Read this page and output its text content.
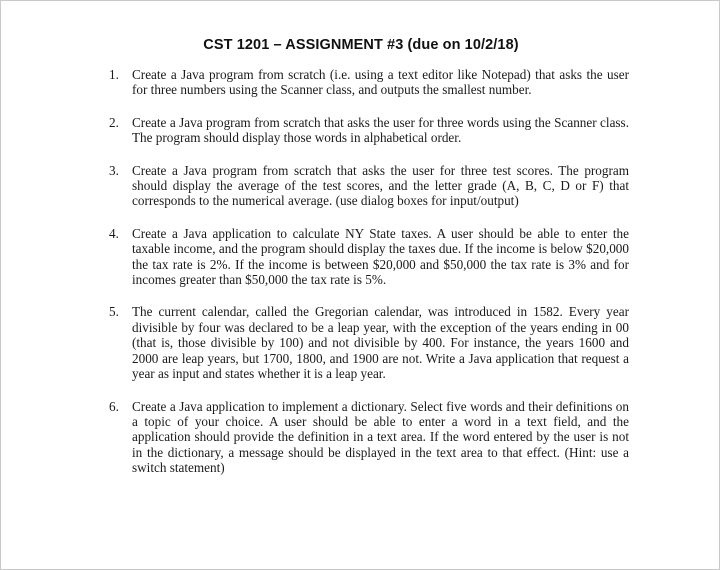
CST 1201 – ASSIGNMENT #3 (due on 10/2/18)
1. Create a Java program from scratch (i.e. using a text editor like Notepad) that asks the user for three numbers using the Scanner class, and outputs the smallest number.
2. Create a Java program from scratch that asks the user for three words using the Scanner class. The program should display those words in alphabetical order.
3. Create a Java program from scratch that asks the user for three test scores. The program should display the average of the test scores, and the letter grade (A, B, C, D or F) that corresponds to the numerical average. (use dialog boxes for input/output)
4. Create a Java application to calculate NY State taxes. A user should be able to enter the taxable income, and the program should display the taxes due. If the income is below $20,000 the tax rate is 2%. If the income is between $20,000 and $50,000 the tax rate is 3% and for incomes greater than $50,000 the tax rate is 5%.
5. The current calendar, called the Gregorian calendar, was introduced in 1582. Every year divisible by four was declared to be a leap year, with the exception of the years ending in 00 (that is, those divisible by 100) and not divisible by 400. For instance, the years 1600 and 2000 are leap years, but 1700, 1800, and 1900 are not. Write a Java application that request a year as input and states whether it is a leap year.
6. Create a Java application to implement a dictionary. Select five words and their definitions on a topic of your choice. A user should be able to enter a word in a text field, and the application should provide the definition in a text area. If the word entered by the user is not in the dictionary, a message should be displayed in the text area to that effect. (Hint: use a switch statement)
